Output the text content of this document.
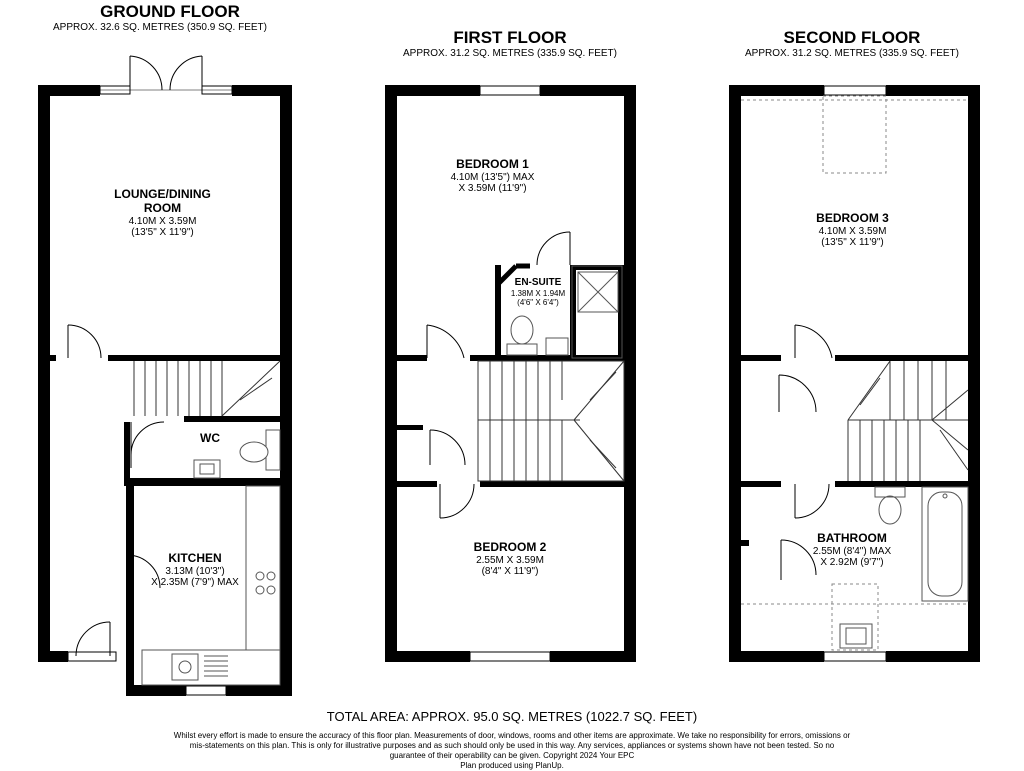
GROUND FLOOR
APPROX. 32.6 SQ. METRES (350.9 SQ. FEET)
FIRST FLOOR
APPROX. 31.2 SQ. METRES (335.9 SQ. FEET)
SECOND FLOOR
APPROX. 31.2 SQ. METRES (335.9 SQ. FEET)
LOUNGE/DINING
ROOM
4.10M X 3.59M
(13'5" X 11'9")
WC
KITCHEN
3.13M (10'3")
X 2.35M (7'9") MAX
BEDROOM 1
4.10M (13'5") MAX
X 3.59M (11'9")
EN-SUITE
1.38M X 1.94M
(4'6" X 6'4")
BEDROOM 2
2.55M X 3.59M
(8'4" X 11'9")
BEDROOM 3
4.10M X 3.59M
(13'5" X 11'9")
BATHROOM
2.55M (8'4") MAX
X 2.92M (9'7")
TOTAL AREA: APPROX. 95.0 SQ. METRES (1022.7 SQ. FEET)
Whilst every effort is made to ensure the accuracy of this floor plan. Measurements of door, windows, rooms and other items are approximate. We take no responsibility for errors, omissions or
mis-statements on this plan. This is only for illustrative purposes and as such should only be used in this way. Any services, appliances or systems shown have not been tested. So no
guarantee of their operability can be given. Copyright 2024 Your EPC
Plan produced using PlanUp.
